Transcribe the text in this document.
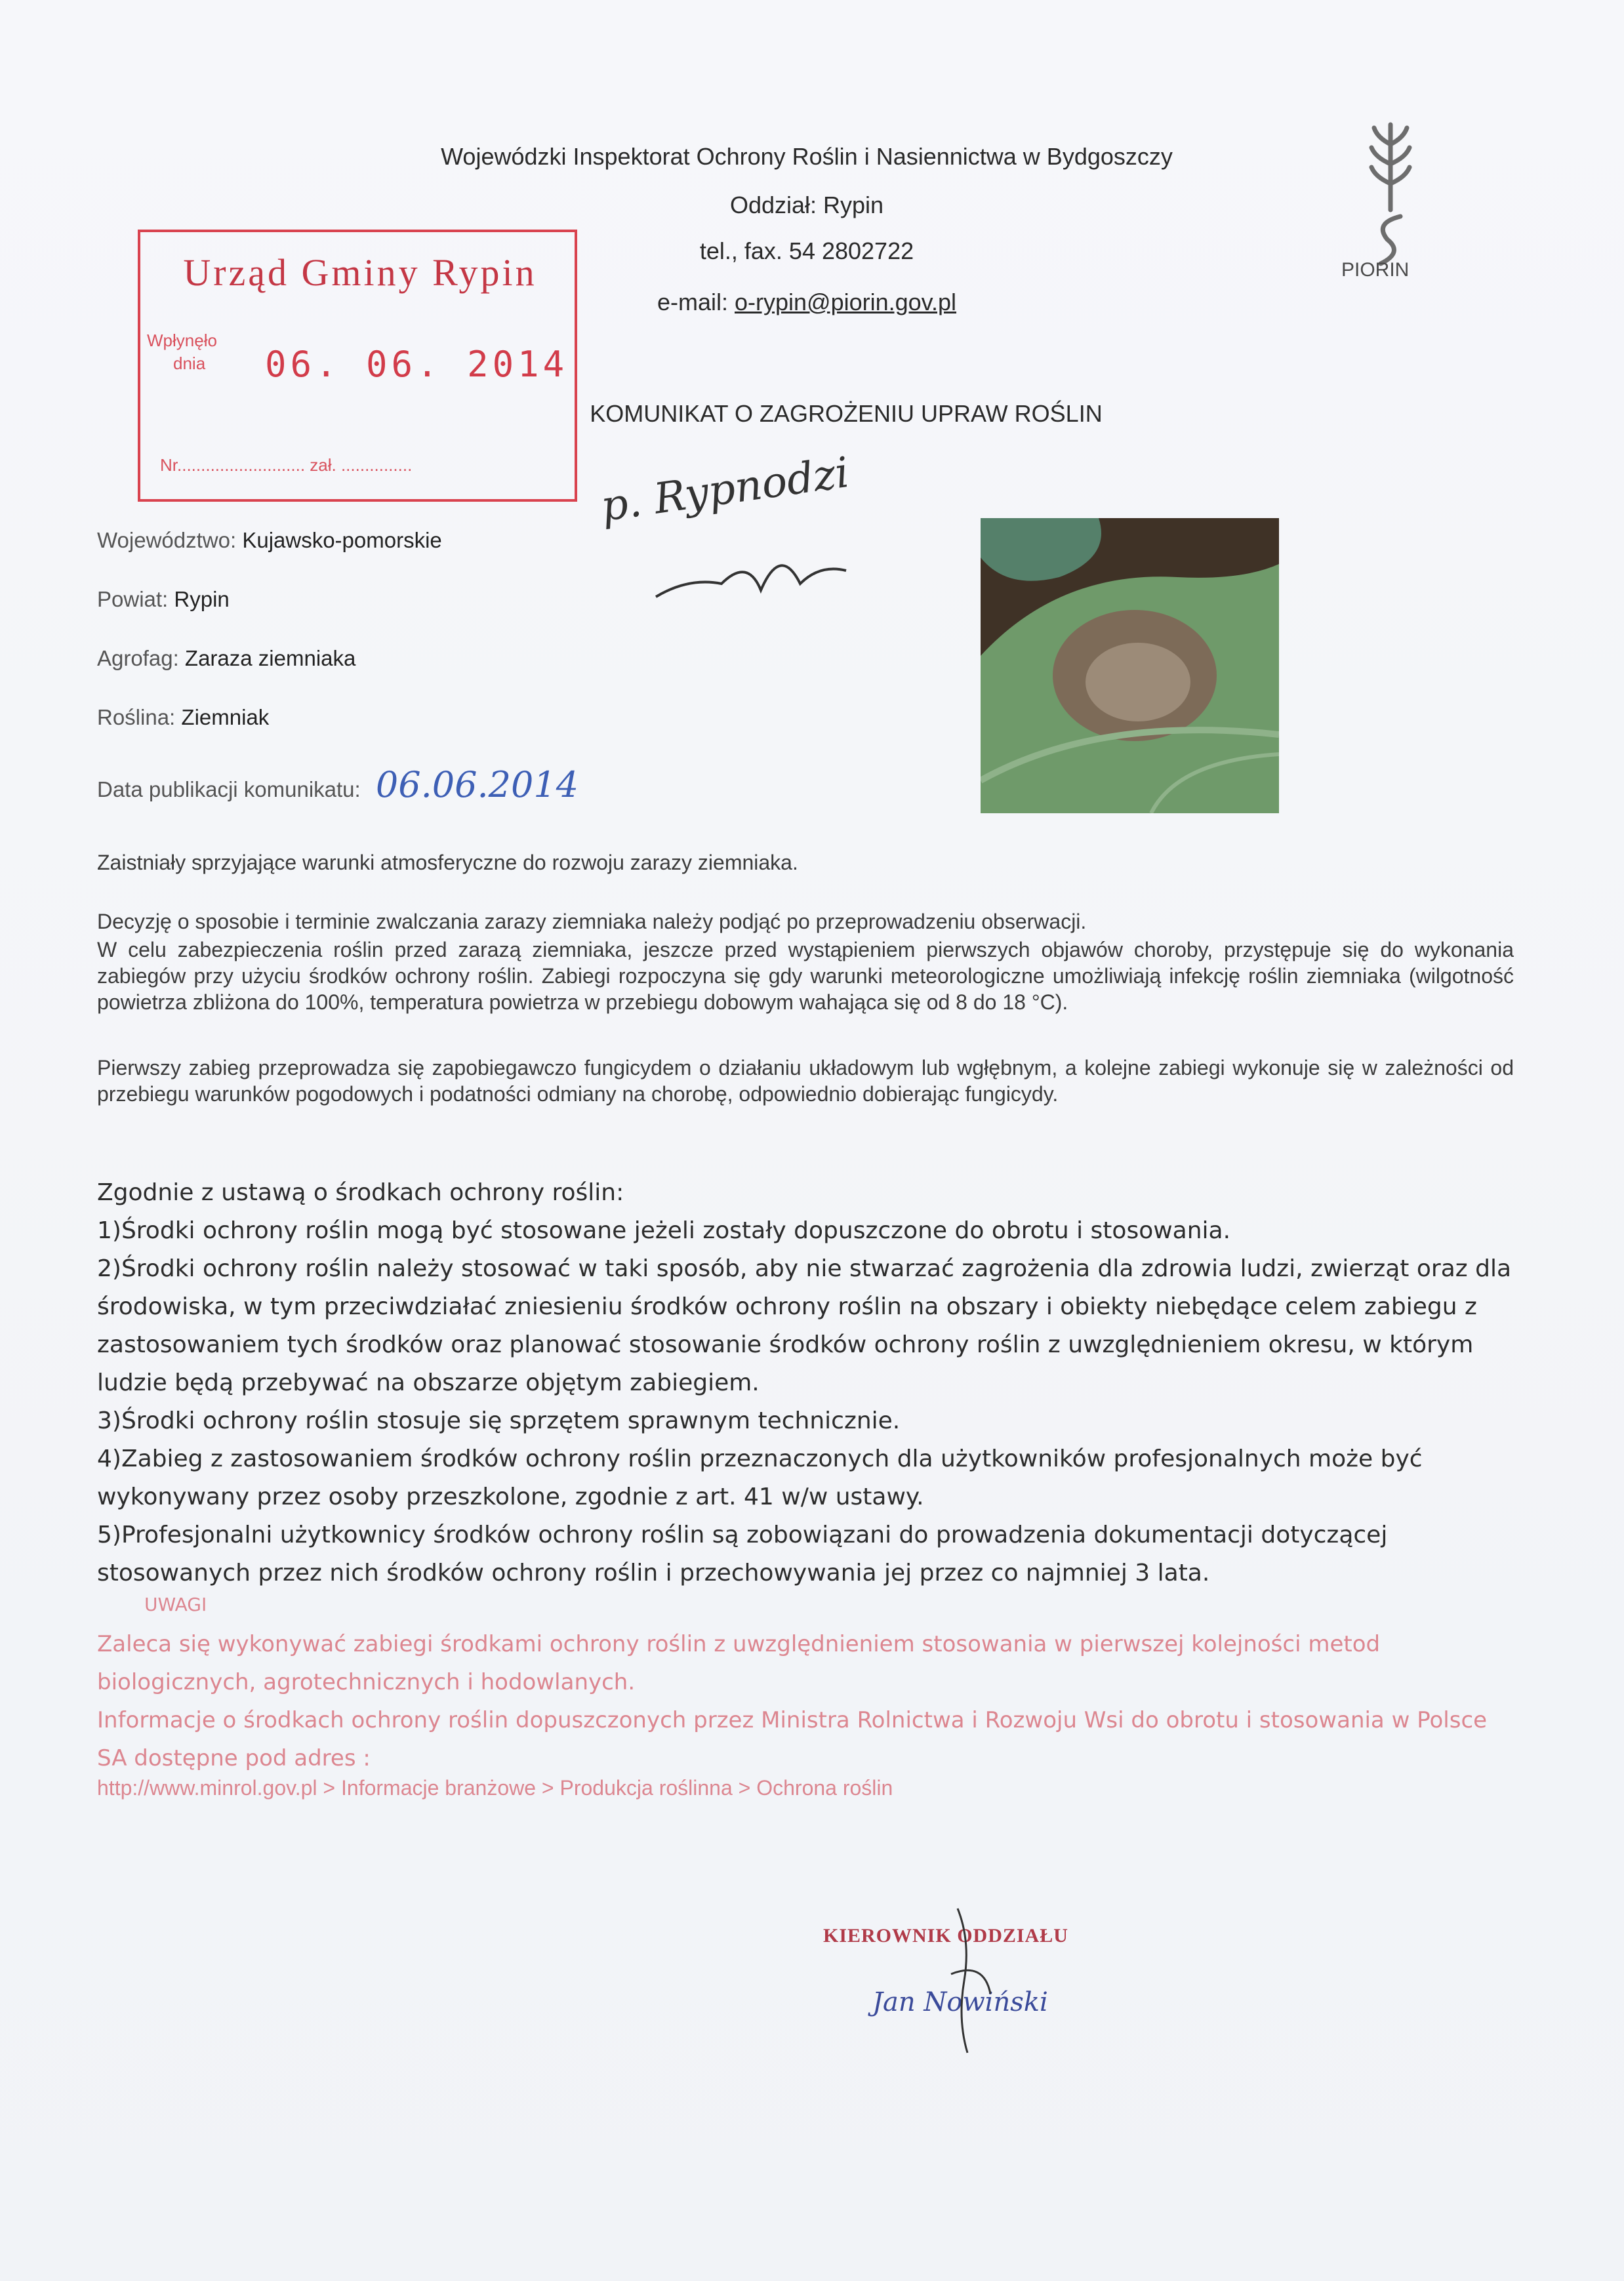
Wojewódzki Inspektorat Ochrony Roślin i Nasiennictwa w Bydgoszczy
Oddział: Rypin
tel., fax. 54 2802722
e-mail: o-rypin@piorin.gov.pl
PIORIN
Urząd Gminy Rypin
Wpłynęło
dnia 06. 06. 2014
Nr........................... zał. ...............
KOMUNIKAT O ZAGROŻENIU UPRAW ROŚLIN
p. Rypnodzi
Województwo: Kujawsko-pomorskie
Powiat: Rypin
Agrofag: Zaraza ziemniaka
Roślina: Ziemniak
Data publikacji komunikatu: 06.06.2014
Zaistniały sprzyjające warunki atmosferyczne do rozwoju zarazy ziemniaka.
Decyzję o sposobie i terminie zwalczania zarazy ziemniaka należy podjąć po przeprowadzeniu obserwacji.
W celu zabezpieczenia roślin przed zarazą ziemniaka, jeszcze przed wystąpieniem pierwszych objawów choroby, przystępuje się do wykonania zabiegów przy użyciu środków ochrony roślin. Zabiegi rozpoczyna się gdy warunki meteorologiczne umożliwiają infekcję roślin ziemniaka (wilgotność powietrza zbliżona do 100%, temperatura powietrza w przebiegu dobowym wahająca się od 8 do 18 °C).
Pierwszy zabieg przeprowadza się zapobiegawczo fungicydem o działaniu układowym lub wgłębnym, a kolejne zabiegi wykonuje się w zależności od przebiegu warunków pogodowych i podatności odmiany na chorobę, odpowiednio dobierając fungicydy.
Zgodnie z ustawą o środkach ochrony roślin:
1)Środki ochrony roślin mogą być stosowane jeżeli zostały dopuszczone do obrotu i stosowania.
2)Środki ochrony roślin należy stosować w taki sposób, aby nie stwarzać zagrożenia dla zdrowia ludzi, zwierząt oraz dla środowiska, w tym przeciwdziałać zniesieniu środków ochrony roślin na obszary i obiekty niebędące celem zabiegu z zastosowaniem tych środków oraz planować stosowanie środków ochrony roślin z uwzględnieniem okresu, w którym ludzie będą przebywać na obszarze objętym zabiegiem.
3)Środki ochrony roślin stosuje się sprzętem sprawnym technicznie.
4)Zabieg z zastosowaniem środków ochrony roślin przeznaczonych dla użytkowników profesjonalnych może być wykonywany przez osoby przeszkolone, zgodnie z art. 41 w/w ustawy.
5)Profesjonalni użytkownicy środków ochrony roślin są zobowiązani do prowadzenia dokumentacji dotyczącej stosowanych przez nich środków ochrony roślin i przechowywania jej przez co najmniej 3 lata.
UWAGI
Zaleca się wykonywać zabiegi środkami ochrony roślin z uwzględnieniem stosowania w pierwszej kolejności metod biologicznych, agrotechnicznych i hodowlanych.
Informacje o środkach ochrony roślin dopuszczonych przez Ministra Rolnictwa i Rozwoju Wsi do obrotu i stosowania w Polsce SA dostępne pod adres :
http://www.minrol.gov.pl > Informacje branżowe > Produkcja roślinna > Ochrona roślin
KIEROWNIK ODDZIAŁU
Jan Nowiński
